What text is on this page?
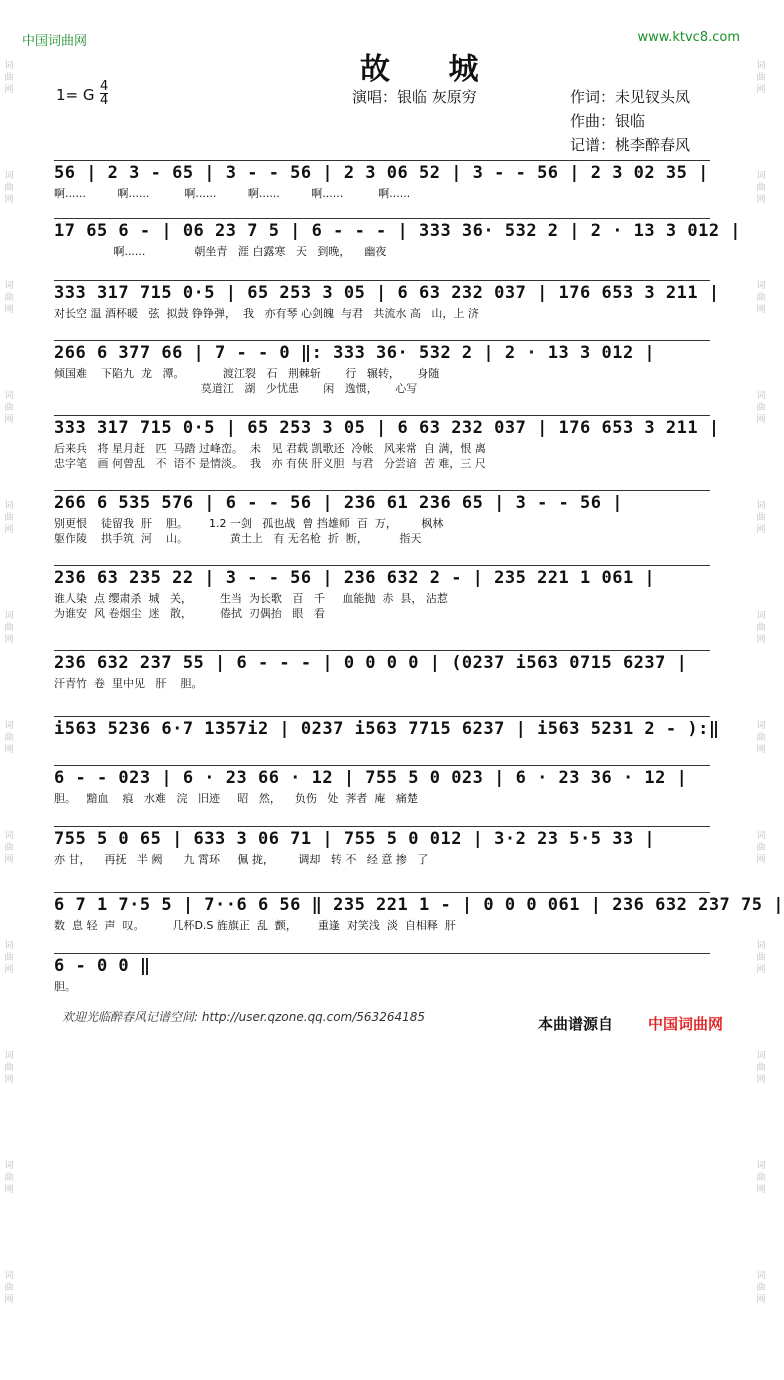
词曲网
词曲网
词曲网
词曲网
词曲网
词曲网
词曲网
词曲网
词曲网
词曲网
词曲网
词曲网
词曲网
词曲网
词曲网
词曲网
词曲网
词曲网
词曲网
词曲网
词曲网
词曲网
词曲网
词曲网
中国词曲网	www.ktvc8.com
故 城
1= G $\frac{4}{4}$	演唱：银临 灰原穷	作词：未见钗头凤
作曲：银临
记谱：桃李醉春风
56 | 2 3 - 65 | 3 - - 56 | 2 3 06 52 | 3 - - 56 | 2 3 02 35 |
啊......         啊......          啊......         啊......         啊......          啊......
17 65 6 - | 06 23 7 5 | 6 - - - | 333 36· 532 2 | 2 · 13 3 012 |
啊......              朝坐青   涯 白露寒   天   到晚，    幽夜
333 317 715 0·5 | 65 253 3 05 | 6 63 232 037 | 176 653 3 211 |
对长空 温 酒杯暖   弦  拟鼓 铮铮弹，  我   亦有琴 心剑魄  与君   共流水 高   山，上 济
266 6 377 66 | 7 - - 0 ‖: 333 36· 532 2 | 2 · 13 3 012 |
倾国难    下陷九  龙   潭。           渡江裂   石   荆棘斩       行   辗转，     身随
莫道江   湖   少忧患       闲   逸惯，     心写
333 317 715 0·5 | 65 253 3 05 | 6 63 232 037 | 176 653 3 211 |
后来兵   将 星月赶   匹  马踏 过峰峦。  未   见 君载 凯歌还  冷帐   风来常  自 满，恨 离
忠字笔   画 何曾乱   不  语不 是情淡。  我   亦 有侠 肝义胆  与君   分尝谙  苦 难，三 尺
266 6 535 576 | 6 - - 56 | 236 61 236 65 | 3 - - 56 |
别更恨    徒留我  肝    胆。      1.2 一剑   孤也战  曾 挡雄师  百  万，       枫林
躯作陵    拱手筑  河    山。            黄土上   有 无名枪  折  断，         指天
236 63 235 22 | 3 - - 56 | 236 632 2 - | 235 221 1 061 |
谁人染  点 缨肃杀  城   关，        生当  为长歌   百   千     血能抛  赤  县， 沾惹
为谁安  风 卷烟尘  迷   散，        倦拭  刃偶抬   眼   看
236 632 237 55 | 6 - - - | 0 0 0 0 | (0237 i563 0715 6237 |
汗青竹  卷  里中见   肝    胆。
i563 5236 6·7 1357i2 | 0237 i563 7715 6237 | i563 5231 2 - ):‖
6 - - 023 | 6 · 23 66 · 12 | 755 5 0 023 | 6 · 23 36 · 12 |
胆。   黯血    痕   水难   浣   旧迹     昭   然，    负伤   处  荠者  庵   痛楚
755 5 0 65 | 633 3 06 71 | 755 5 0 012 | 3·2 23 5·5 33 |
亦 甘，    再抚   半 阙      九 霄环     佩 拢，       调却   转 不   经 意 掺   了
6 7 1 7·5 5 | 7··6 6 56 ‖ 235 221 1 - | 0 0 0 061 | 236 632 237 75 |
数  息 轻  声  叹。        几杯D.S 旌旗正  乱  颤，      重逢  对笑浅  淡  自相释  肝
6 - 0 0 ‖
胆。
欢迎光临醉春风记谱空间: http://user.qzone.qq.com/563264185	本曲谱源自 中国词曲网
